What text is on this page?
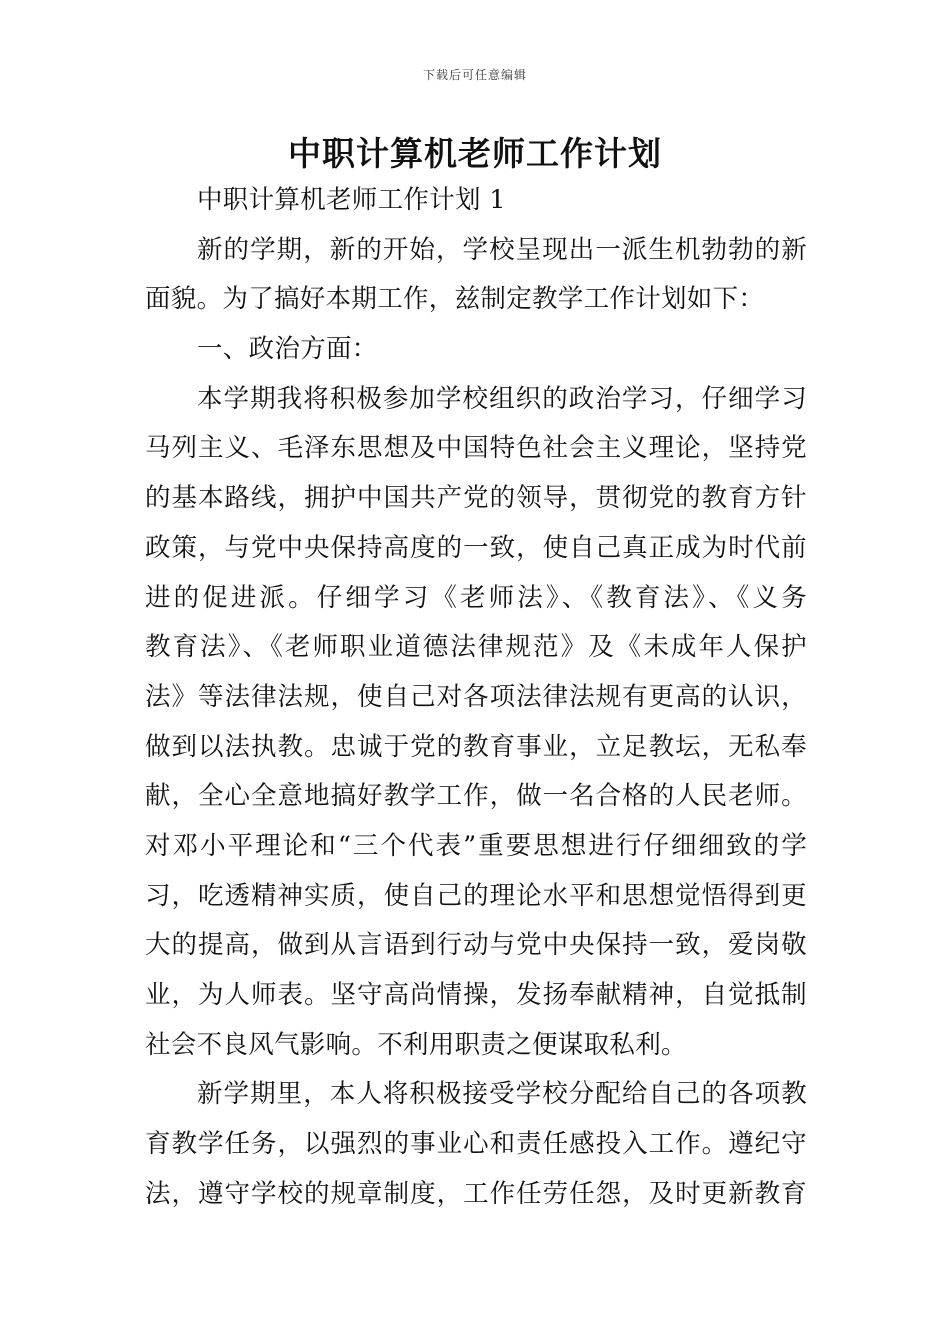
下载后可任意编辑
中职计算机老师工作计划
中职计算机老师工作计划 1
新的学期，新的开始，学校呈现出一派生机勃勃的新
面貌。为了搞好本期工作，兹制定教学工作计划如下：
一、政治方面：
本学期我将积极参加学校组织的政治学习，仔细学习
马列主义、毛泽东思想及中国特色社会主义理论，坚持党
的基本路线，拥护中国共产党的领导，贯彻党的教育方针
政策，与党中央保持高度的一致，使自己真正成为时代前
进的促进派。仔细学习《老师法》、《教育法》、《义务
教育法》、《老师职业道德法律规范》及《未成年人保护
法》等法律法规，使自己对各项法律法规有更高的认识，
做到以法执教。忠诚于党的教育事业，立足教坛，无私奉
献，全心全意地搞好教学工作，做一名合格的人民老师。
对邓小平理论和“三个代表”重要思想进行仔细细致的学
习，吃透精神实质，使自己的理论水平和思想觉悟得到更
大的提高，做到从言语到行动与党中央保持一致，爱岗敬
业，为人师表。坚守高尚情操，发扬奉献精神，自觉抵制
社会不良风气影响。不利用职责之便谋取私利。
新学期里，本人将积极接受学校分配给自己的各项教
育教学任务，以强烈的事业心和责任感投入工作。遵纪守
法，遵守学校的规章制度，工作任劳任怨，及时更新教育
